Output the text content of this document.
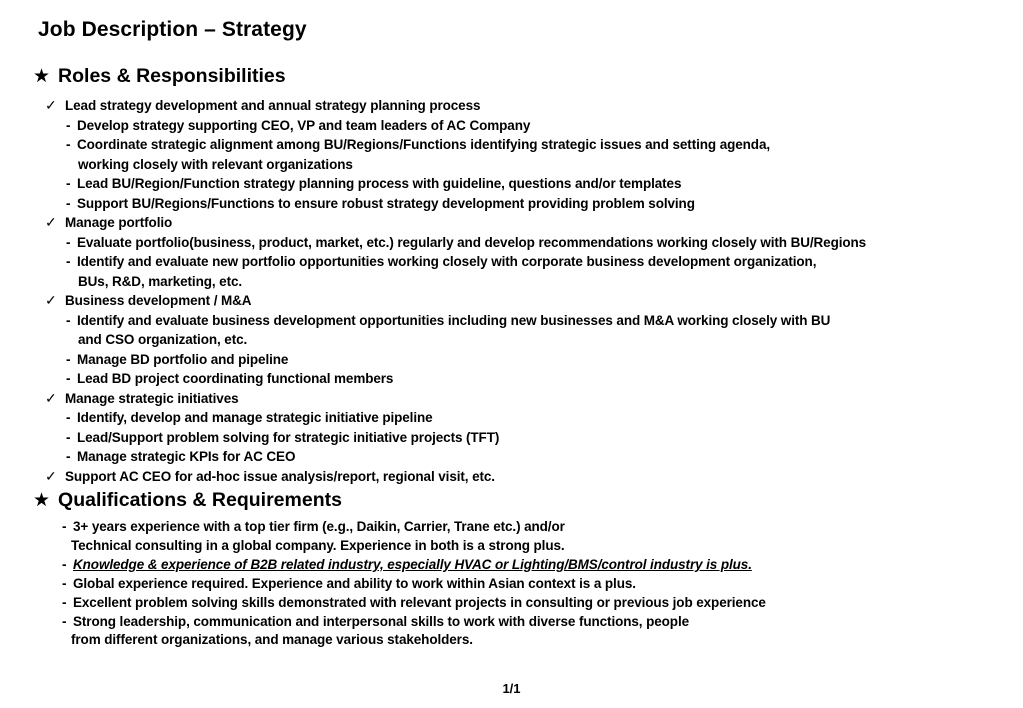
Job Description – Strategy
★ Roles & Responsibilities
✓ Lead strategy development and annual strategy planning process
- Develop strategy supporting CEO, VP and team leaders of AC Company
- Coordinate strategic alignment among BU/Regions/Functions identifying strategic issues and setting agenda,
working closely with relevant organizations
- Lead BU/Region/Function strategy planning process with guideline, questions and/or templates
- Support BU/Regions/Functions to ensure robust strategy development providing problem solving
✓ Manage portfolio
- Evaluate portfolio(business, product, market, etc.) regularly and develop recommendations working closely with BU/Regions
- Identify and evaluate new portfolio opportunities working closely with corporate business development organization,
BUs, R&D, marketing, etc.
✓ Business development / M&A
- Identify and evaluate business development opportunities including new businesses and M&A working closely with BU
and CSO organization, etc.
- Manage BD portfolio and pipeline
- Lead BD project coordinating functional members
✓ Manage strategic initiatives
- Identify, develop and manage strategic initiative pipeline
- Lead/Support problem solving for strategic initiative projects (TFT)
- Manage strategic KPIs for AC CEO
✓ Support AC CEO for ad-hoc issue analysis/report, regional visit, etc.
★ Qualifications & Requirements
- 3+ years experience with a top tier firm (e.g., Daikin, Carrier, Trane etc.) and/or
Technical consulting in a global company. Experience in both is a strong plus.
- Knowledge & experience of B2B related industry, especially HVAC or Lighting/BMS/control industry is plus.
- Global experience required. Experience and ability to work within Asian context is a plus.
- Excellent problem solving skills demonstrated with relevant projects in consulting or previous job experience
- Strong leadership, communication and interpersonal skills to work with diverse functions, people
from different organizations, and manage various stakeholders.
1/1
